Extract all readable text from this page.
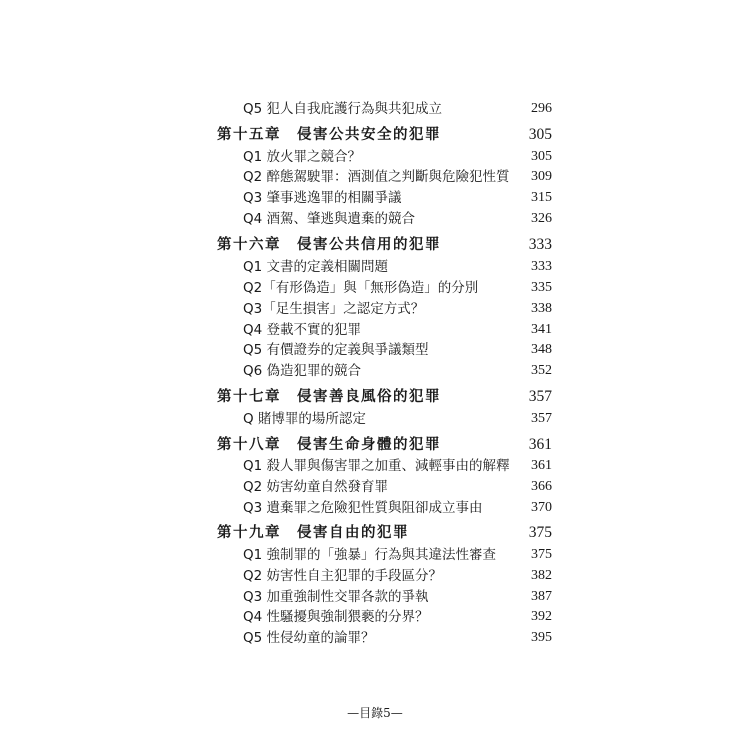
Q5 犯人自我庇護行為與共犯成立	296
第十五章　侵害公共安全的犯罪	305
Q1 放火罪之競合？	305
Q2 醉態駕駛罪：酒測值之判斷與危險犯性質 309
Q3 肇事逃逸罪的相關爭議	315
Q4 酒駕、肇逃與遺棄的競合	326
第十六章　侵害公共信用的犯罪	333
Q1 文書的定義相關問題	333
Q2「有形偽造」與「無形偽造」的分別	335
Q3「足生損害」之認定方式？	338
Q4 登載不實的犯罪	341
Q5 有價證券的定義與爭議類型	348
Q6 偽造犯罪的競合	352
第十七章　侵害善良風俗的犯罪	357
Q 賭博罪的場所認定	357
第十八章　侵害生命身體的犯罪	361
Q1 殺人罪與傷害罪之加重、減輕事由的解釋 361
Q2 妨害幼童自然發育罪	366
Q3 遺棄罪之危險犯性質與阻卻成立事由	370
第十九章　侵害自由的犯罪	375
Q1 強制罪的「強暴」行為與其違法性審查 375
Q2 妨害性自主犯罪的手段區分？	382
Q3 加重強制性交罪各款的爭執	387
Q4 性騷擾與強制猥褻的分界？	392
Q5 性侵幼童的論罪？	395
—目錄5—
